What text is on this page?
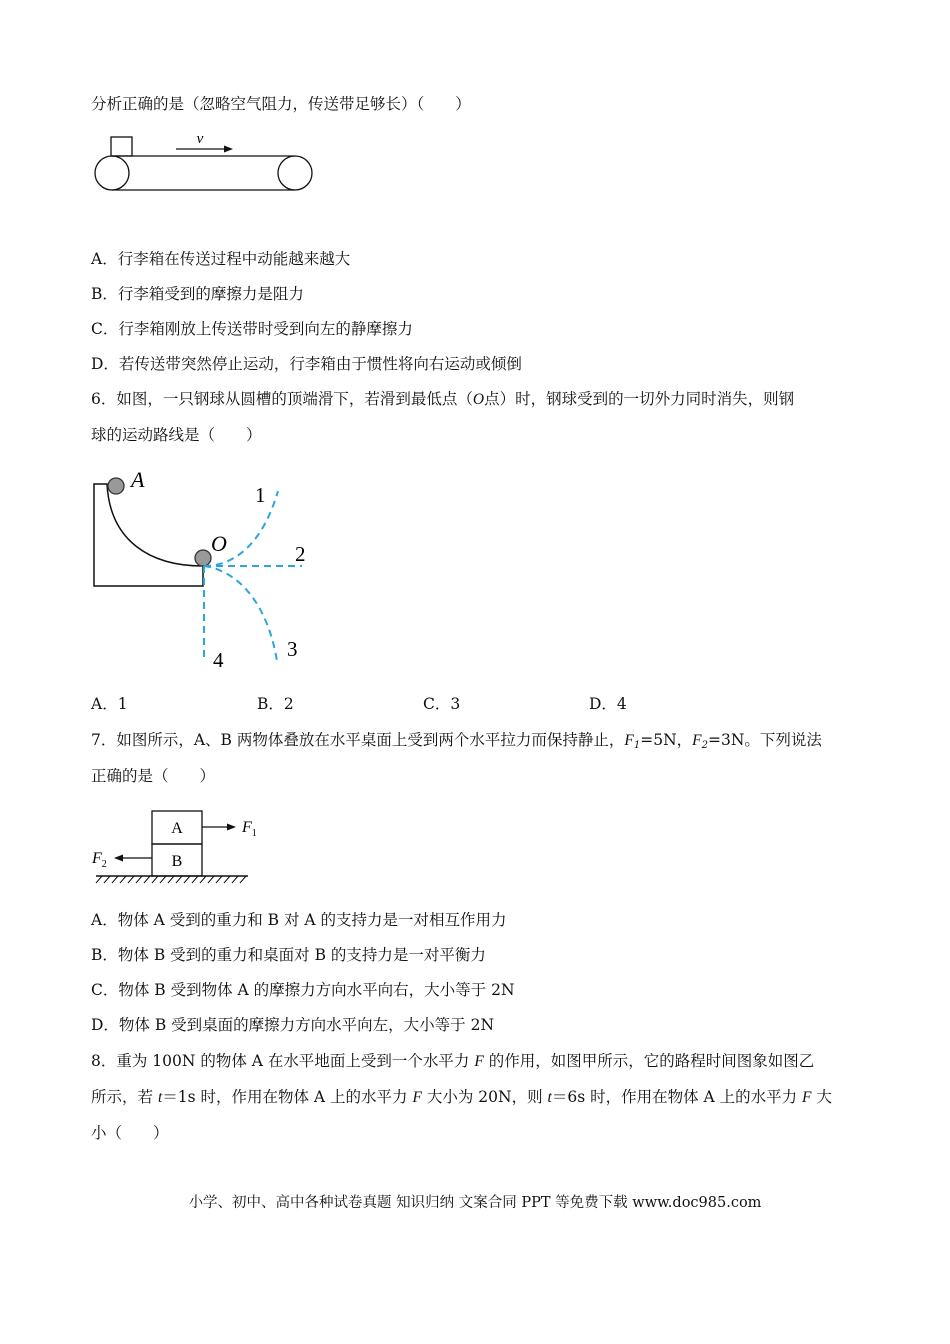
分析正确的是（忽略空气阻力，传送带足够长）（　　）
v
A．行李箱在传送过程中动能越来越大
B．行李箱受到的摩擦力是阻力
C．行李箱刚放上传送带时受到向左的静摩擦力
D．若传送带突然停止运动，行李箱由于惯性将向右运动或倾倒
6．如图，一只钢球从圆槽的顶端滑下，若滑到最低点（O点）时，钢球受到的一切外力同时消失，则钢
球的运动路线是（　　）
A
O
1
2
3
4
A．1	B．2	C．3	D．4
7．如图所示，A、B 两物体叠放在水平桌面上受到两个水平拉力而保持静止，$F_1=5N$，$F_2=3N$。下列说法
正确的是（　　）
A
B
$F_1$
$F_2$
A．物体 A 受到的重力和 B 对 A 的支持力是一对相互作用力
B．物体 B 受到的重力和桌面对 B 的支持力是一对平衡力
C．物体 B 受到物体 A 的摩擦力方向水平向右，大小等于 2N
D．物体 B 受到桌面的摩擦力方向水平向左，大小等于 2N
8．重为 100N 的物体 A 在水平地面上受到一个水平力 F 的作用，如图甲所示，它的路程时间图象如图乙
所示，若 t＝1s 时，作用在物体 A 上的水平力 F 大小为 20N，则 t＝6s 时，作用在物体 A 上的水平力 F 大
小（　　）
小学、初中、高中各种试卷真题 知识归纳 文案合同 PPT 等免费下载 www.doc985.com
